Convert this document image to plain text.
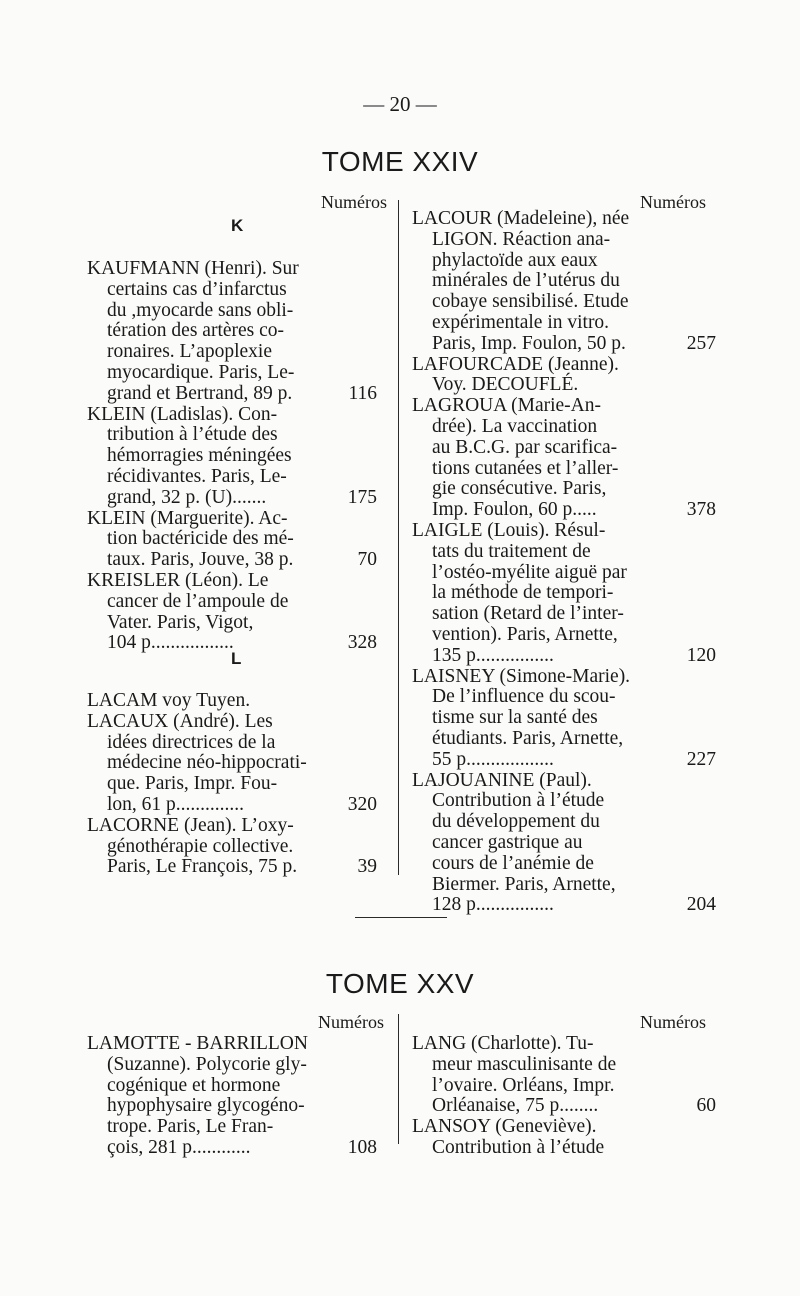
— 20 —
TOME XXIV
Numéros	Numéros
K
KAUFMANN (Henri). Sur
certains cas d’infarctus
du ,myocarde sans obli-
tération des artères co-
ronaires. L’apoplexie
myocardique. Paris, Le-
grand et Bertrand, 89 p.	116
KLEIN (Ladislas). Con-
tribution à l’étude des
hémorragies méningées
récidivantes. Paris, Le-
grand, 32 p. (U).......	175
KLEIN (Marguerite). Ac-
tion bactéricide des mé-
taux. Paris, Jouve, 38 p.	70
KREISLER (Léon). Le
cancer de l’ampoule de
Vater. Paris, Vigot,
104 p.................	328
L
LACAM voy Tuyen.
LACAUX (André). Les
idées directrices de la
médecine néo-hippocrati-
que. Paris, Impr. Fou-
lon, 61 p..............	320
LACORNE (Jean). L’oxy-
génothérapie collective.
Paris, Le François, 75 p.	39
LACOUR (Madeleine), née
LIGON. Réaction ana-
phylactoïde aux eaux
minérales de l’utérus du
cobaye sensibilisé. Etude
expérimentale in vitro.
Paris, Imp. Foulon, 50 p.	257
LAFOURCADE (Jeanne).
Voy. DECOUFLÉ.
LAGROUA (Marie-An-
drée). La vaccination
au B.C.G. par scarifica-
tions cutanées et l’aller-
gie consécutive. Paris,
Imp. Foulon, 60 p.....	378
LAIGLE (Louis). Résul-
tats du traitement de
l’ostéo-myélite aiguë par
la méthode de tempori-
sation (Retard de l’inter-
vention). Paris, Arnette,
135 p................	120
LAISNEY (Simone-Marie).
De l’influence du scou-
tisme sur la santé des
étudiants. Paris, Arnette,
55 p..................	227
LAJOUANINE (Paul).
Contribution à l’étude
du développement du
cancer gastrique au
cours de l’anémie de
Biermer. Paris, Arnette,
128 p................	204
TOME XXV
Numéros	Numéros
LAMOTTE - BARRILLON
(Suzanne). Polycorie gly-
cogénique et hormone
hypophysaire glycogéno-
trope. Paris, Le Fran-
çois, 281 p............	108
LANG (Charlotte). Tu-
meur masculinisante de
l’ovaire. Orléans, Impr.
Orléanaise, 75 p........	60
LANSOY (Geneviève).
Contribution à l’étude
